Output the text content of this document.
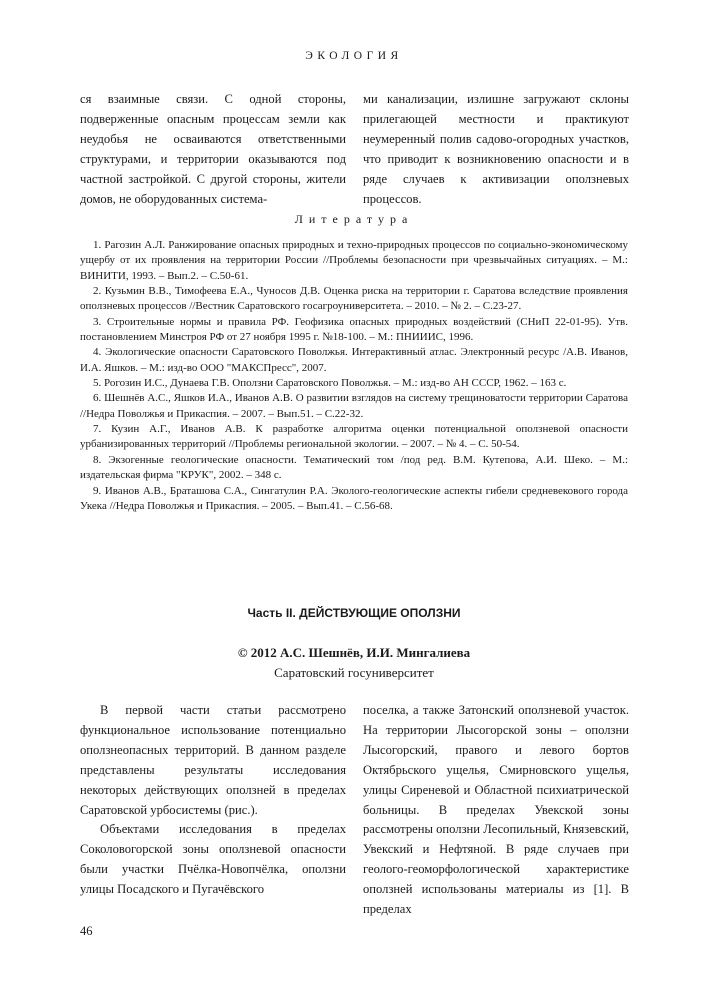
ЭКОЛОГИЯ

ся взаимные связи. С одной стороны, подверженные опасным процессам земли как неудобья не осваиваются ответственными структурами, и территории оказываются под частной застройкой. С другой стороны, жители домов, не оборудованных система-

ми канализации, излишне загружают склоны прилегающей местности и практикуют неумеренный полив садово-огородных участков, что приводит к возникновению опасности и в ряде случаев к активизации оползневых процессов.

Литература
1. Рагозин А.Л. Ранжирование опасных природных и техно-природных процессов по социально-экономическому ущербу от их проявления на территории России //Проблемы безопасности при чрезвычайных ситуациях. – М.: ВИНИТИ, 1993. – Вып.2. – С.50-61.
2. Кузьмин В.В., Тимофеева Е.А., Чуносов Д.В. Оценка риска на территории г. Саратова вследствие проявления оползневых процессов //Вестник Саратовского госагроуниверситета. – 2010. – № 2. – С.23-27.
3. Строительные нормы и правила РФ. Геофизика опасных природных воздействий (СНиП 22-01-95). Утв. постановлением Минстроя РФ от 27 ноября 1995 г. №18-100. – М.: ПНИИИС, 1996.
4. Экологические опасности Саратовского Поволжья. Интерактивный атлас. Электронный ресурс /А.В. Иванов, И.А. Яшков. – М.: изд-во ООО "МАКСПресс", 2007.
5. Рогозин И.С., Дунаева Г.В. Оползни Саратовского Поволжья. – М.: изд-во АН СССР, 1962. – 163 с.
6. Шешнёв А.С., Яшков И.А., Иванов А.В. О развитии взглядов на систему трещиноватости территории Саратова //Недра Поволжья и Прикаспия. – 2007. – Вып.51. – С.22-32.
7. Кузин А.Г., Иванов А.В. К разработке алгоритма оценки потенциальной оползневой опасности урбанизированных территорий //Проблемы региональной экологии. – 2007. – № 4. – С. 50-54.
8. Экзогенные геологические опасности. Тематический том /под ред. В.М. Кутепова, А.И. Шеко. – М.: издательская фирма "КРУК", 2002. – 348 с.
9. Иванов А.В., Браташова С.А., Сингатулин Р.А. Эколого-геологические аспекты гибели средневекового города Укека //Недра Поволжья и Прикаспия. – 2005. – Вып.41. – С.56-68.
Часть II. ДЕЙСТВУЮЩИЕ ОПОЛЗНИ
© 2012 А.С. Шешнёв, И.И. Мингалиева
Саратовский госуниверситет

В первой части статьи рассмотрено функциональное использование потенциально оползнеопасных территорий. В данном разделе представлены результаты исследования некоторых действующих оползней в пределах Саратовской урбосистемы (рис.).

Объектами исследования в пределах Соколовогорской зоны оползневой опасности были участки Пчёлка-Новопчёлка, оползни улицы Посадского и Пугачёвского

поселка, а также Затонский оползневой участок. На территории Лысогорской зоны – оползни Лысогорский, правого и левого бортов Октябрьского ущелья, Смирновского ущелья, улицы Сиреневой и Областной психиатрической больницы. В пределах Увекской зоны рассмотрены оползни Лесопильный, Князевский, Увекский и Нефтяной. В ряде случаев при геолого-геоморфологической характеристике оползней использованы материалы из [1]. В пределах

46
